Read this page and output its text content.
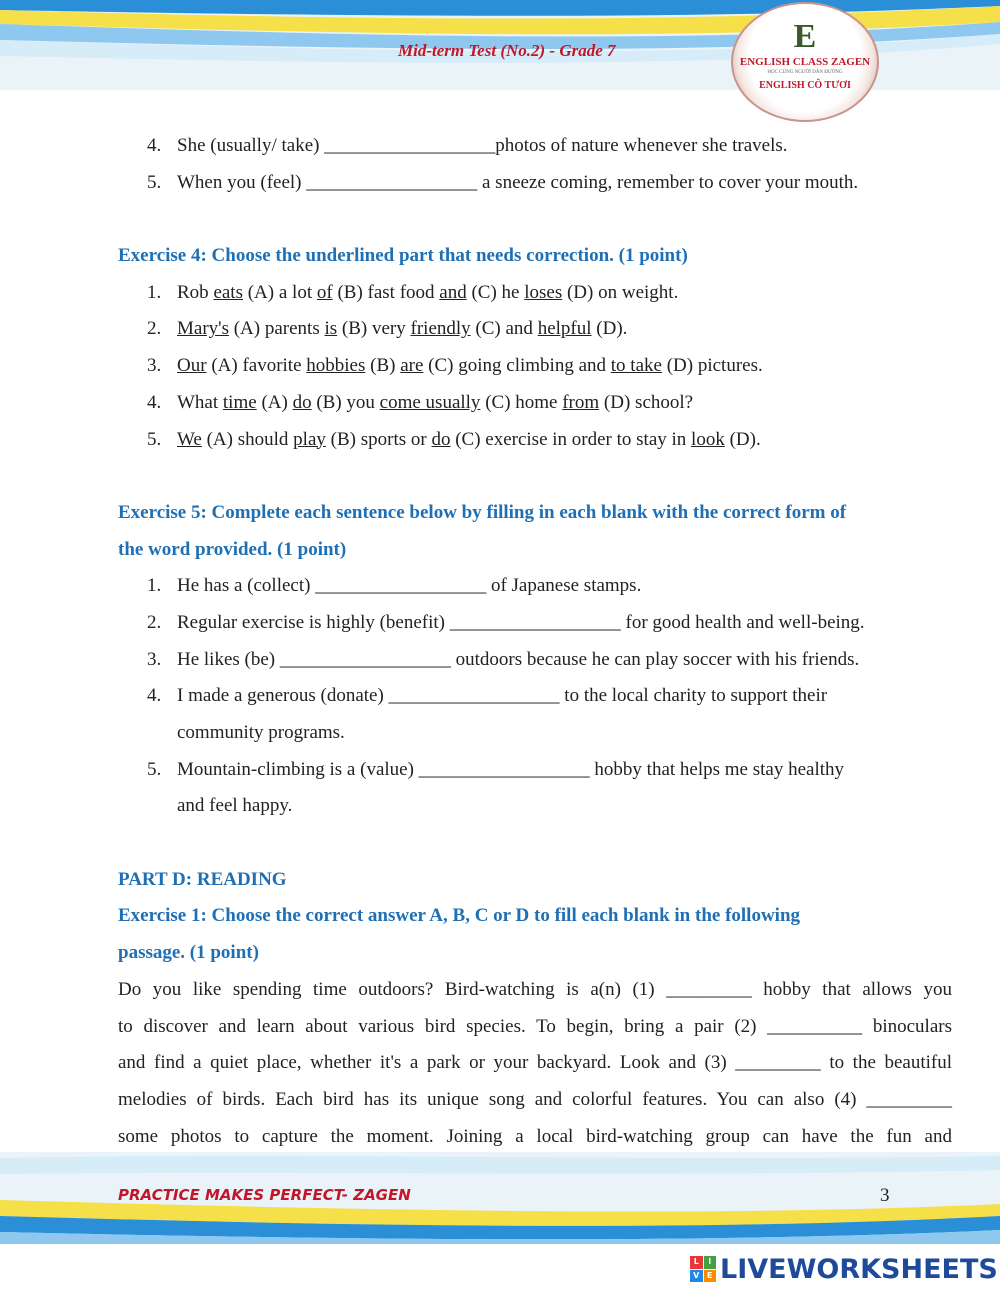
Mid-term Test (No.2) - Grade 7	E
ENGLISH CLASS ZAGEN
HỌC CÙNG NGƯỜI DẪN ĐƯỜNG
ENGLISH CÔ TƯƠI
4. She (usually/ take) __________________photos of nature whenever she travels.
5. When you (feel) __________________ a sneeze coming, remember to cover your mouth.
Exercise 4: Choose the underlined part that needs correction. (1 point)
1. Rob eats (A) a lot of (B) fast food and (C) he loses (D) on weight.
2. Mary's (A) parents is (B) very friendly (C) and helpful (D).
3. Our (A) favorite hobbies (B) are (C) going climbing and to take (D) pictures.
4. What time (A) do (B) you come usually (C) home from (D) school?
5. We (A) should play (B) sports or do (C) exercise in order to stay in look (D).
Exercise 5: Complete each sentence below by filling in each blank with the correct form of
the word provided. (1 point)
1. He has a (collect) __________________ of Japanese stamps.
2. Regular exercise is highly (benefit) __________________ for good health and well-being.
3. He likes (be) __________________ outdoors because he can play soccer with his friends.
4. I made a generous (donate) __________________ to the local charity to support their
community programs.
5. Mountain-climbing is a (value) __________________ hobby that helps me stay healthy
and feel happy.
PART D: READING
Exercise 1: Choose the correct answer A, B, C or D to fill each blank in the following
passage. (1 point)
Do you like spending time outdoors? Bird-watching is a(n) (1) _________ hobby that allows you
to discover and learn about various bird species. To begin, bring a pair (2) __________ binoculars
and find a quiet place, whether it's a park or your backyard. Look and (3) _________ to the beautiful
melodies of birds. Each bird has its unique song and colorful features. You can also (4) _________
some photos to capture the moment. Joining a local bird-watching group can have the fun and
PRACTICE MAKES PERFECT- ZAGEN	3
L	I
V E LIVEWORKSHEETS
